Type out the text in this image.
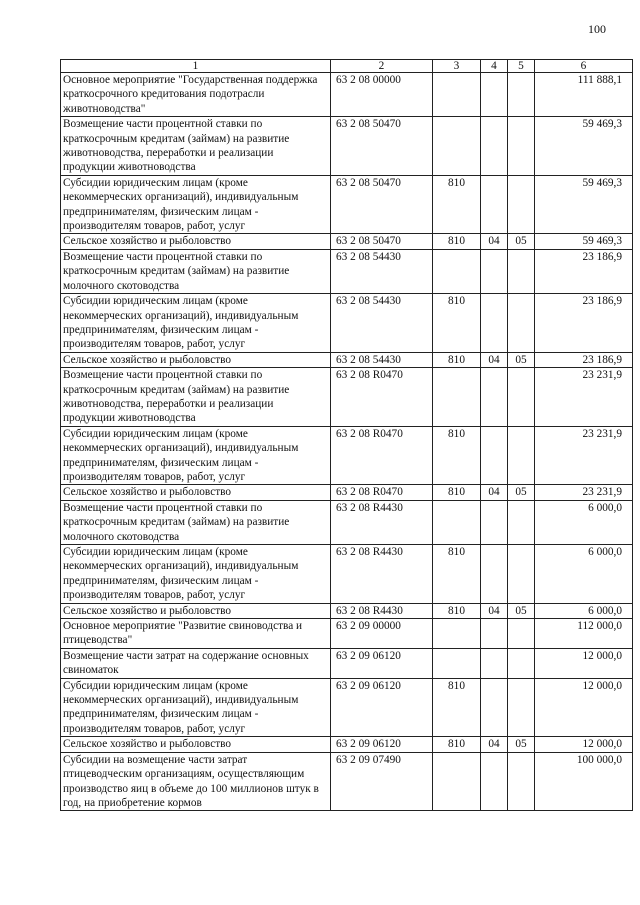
100
1	2	3	4	5	6
Основное мероприятие "Государственная поддержка краткосрочного кредитования подотрасли животноводства"	63 2 08 00000				111 888,1
Возмещение части процентной ставки по краткосрочным кредитам (займам) на развитие животноводства, переработки и реализации продукции животноводства	63 2 08 50470				59 469,3
Субсидии юридическим лицам (кроме некоммерческих организаций), индивидуальным предпринимателям, физическим лицам - производителям товаров, работ, услуг	63 2 08 50470	810			59 469,3
Сельское хозяйство и рыболовство	63 2 08 50470	810	04	05	59 469,3
Возмещение части процентной ставки по краткосрочным кредитам (займам) на развитие молочного скотоводства	63 2 08 54430				23 186,9
Субсидии юридическим лицам (кроме некоммерческих организаций), индивидуальным предпринимателям, физическим лицам - производителям товаров, работ, услуг	63 2 08 54430	810			23 186,9
Сельское хозяйство и рыболовство	63 2 08 54430	810	04	05	23 186,9
Возмещение части процентной ставки по краткосрочным кредитам (займам) на развитие животноводства, переработки и реализации продукции животноводства	63 2 08 R0470				23 231,9
Субсидии юридическим лицам (кроме некоммерческих организаций), индивидуальным предпринимателям, физическим лицам - производителям товаров, работ, услуг	63 2 08 R0470	810			23 231,9
Сельское хозяйство и рыболовство	63 2 08 R0470	810	04	05	23 231,9
Возмещение части процентной ставки по краткосрочным кредитам (займам) на развитие молочного скотоводства	63 2 08 R4430				6 000,0
Субсидии юридическим лицам (кроме некоммерческих организаций), индивидуальным предпринимателям, физическим лицам - производителям товаров, работ, услуг	63 2 08 R4430	810			6 000,0
Сельское хозяйство и рыболовство	63 2 08 R4430	810	04	05	6 000,0
Основное мероприятие "Развитие свиноводства и птицеводства"	63 2 09 00000				112 000,0
Возмещение части затрат на содержание основных свиноматок	63 2 09 06120				12 000,0
Субсидии юридическим лицам (кроме некоммерческих организаций), индивидуальным предпринимателям, физическим лицам - производителям товаров, работ, услуг	63 2 09 06120	810			12 000,0
Сельское хозяйство и рыболовство	63 2 09 06120	810	04	05	12 000,0
Субсидии на возмещение части затрат птицеводческим организациям, осуществляющим производство яиц в объеме до 100 миллионов штук в год, на приобретение кормов	63 2 09 07490				100 000,0
